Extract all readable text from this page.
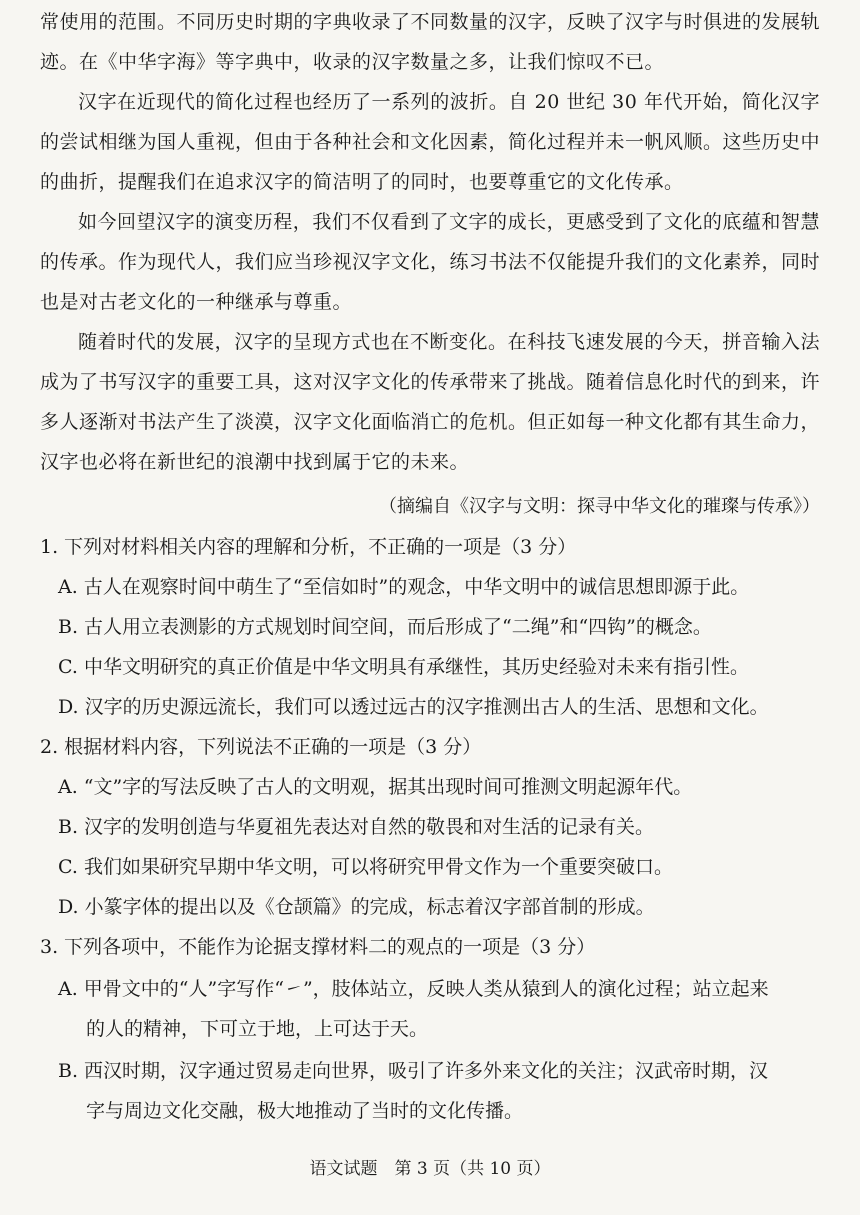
常使用的范围。不同历史时期的字典收录了不同数量的汉字，反映了汉字与时俱进的发展轨迹。在《中华字海》等字典中，收录的汉字数量之多，让我们惊叹不已。
汉字在近现代的简化过程也经历了一系列的波折。自 20 世纪 30 年代开始，简化汉字的尝试相继为国人重视，但由于各种社会和文化因素，简化过程并未一帆风顺。这些历史中的曲折，提醒我们在追求汉字的简洁明了的同时，也要尊重它的文化传承。
如今回望汉字的演变历程，我们不仅看到了文字的成长，更感受到了文化的底蕴和智慧的传承。作为现代人，我们应当珍视汉字文化，练习书法不仅能提升我们的文化素养，同时也是对古老文化的一种继承与尊重。
随着时代的发展，汉字的呈现方式也在不断变化。在科技飞速发展的今天，拼音输入法成为了书写汉字的重要工具，这对汉字文化的传承带来了挑战。随着信息化时代的到来，许多人逐渐对书法产生了淡漠，汉字文化面临消亡的危机。但正如每一种文化都有其生命力，汉字也必将在新世纪的浪潮中找到属于它的未来。
（摘编自《汉字与文明：探寻中华文化的璀璨与传承》）
1. 下列对材料相关内容的理解和分析，不正确的一项是（3 分）
A. 古人在观察时间中萌生了“至信如时”的观念，中华文明中的诚信思想即源于此。
B. 古人用立表测影的方式规划时间空间，而后形成了“二绳”和“四钩”的概念。
C. 中华文明研究的真正价值是中华文明具有承继性，其历史经验对未来有指引性。
D. 汉字的历史源远流长，我们可以透过远古的汉字推测出古人的生活、思想和文化。
2. 根据材料内容，下列说法不正确的一项是（3 分）
A. “文”字的写法反映了古人的文明观，据其出现时间可推测文明起源年代。
B. 汉字的发明创造与华夏祖先表达对自然的敬畏和对生活的记录有关。
C. 我们如果研究早期中华文明，可以将研究甲骨文作为一个重要突破口。
D. 小篆字体的提出以及《仓颉篇》的完成，标志着汉字部首制的形成。
3. 下列各项中，不能作为论据支撑材料二的观点的一项是（3 分）
A. 甲骨文中的“人”字写作“㇀”，肢体站立，反映人类从猿到人的演化过程；站立起来
的人的精神，下可立于地，上可达于天。
B. 西汉时期，汉字通过贸易走向世界，吸引了许多外来文化的关注；汉武帝时期，汉
字与周边文化交融，极大地推动了当时的文化传播。
语文试题　第 3 页（共 10 页）
